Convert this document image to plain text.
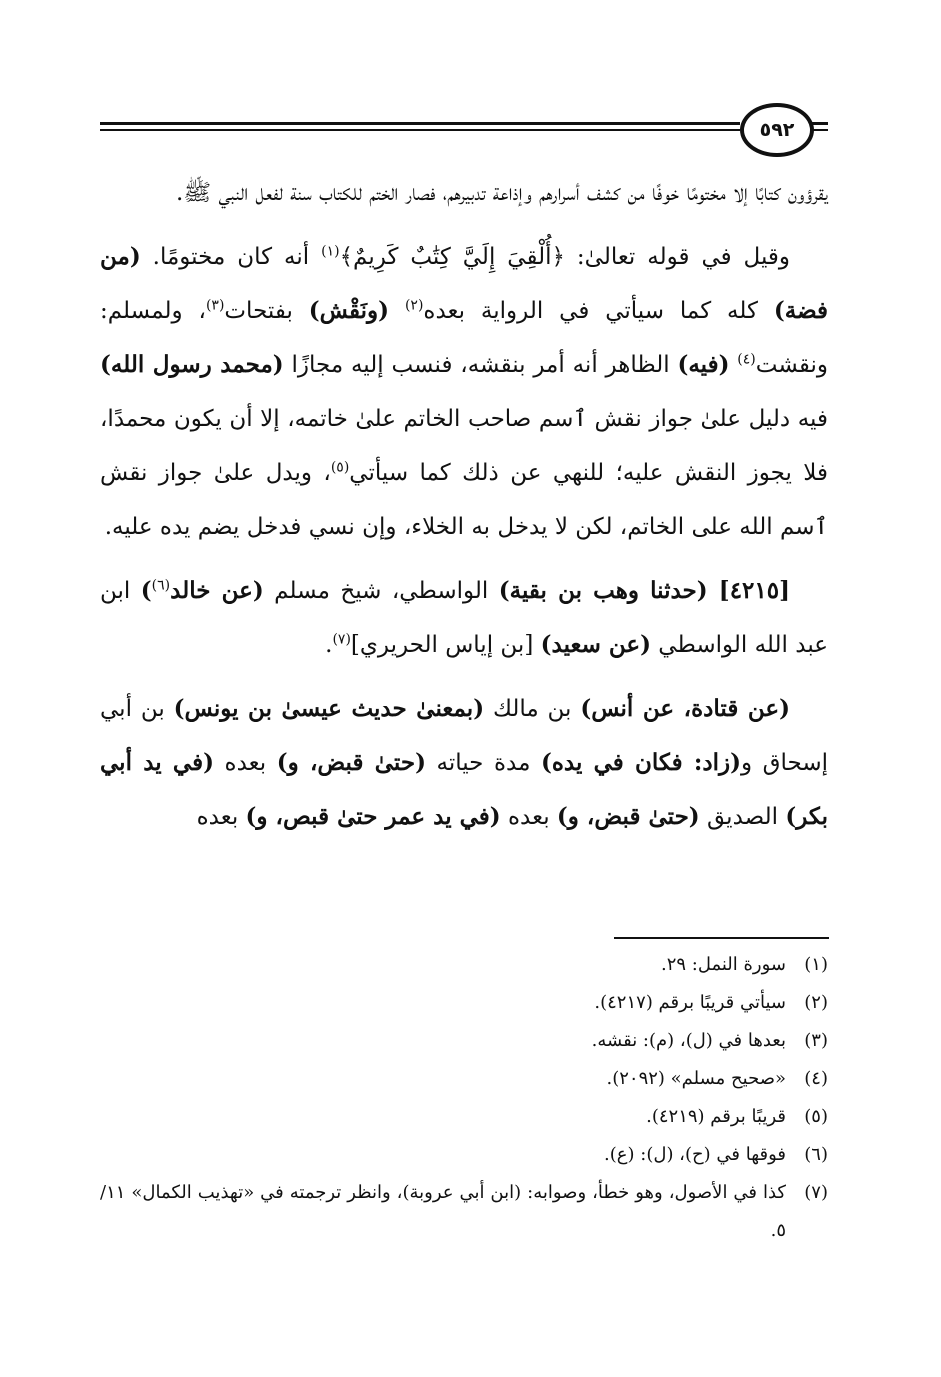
٥٩٢

يقرؤون كتابًا إلا مختومًا خوفًا من كشف أسرارهم وإذاعة تدبيرهم، فصار الختم للكتاب سنة لفعل النبي ﷺ.

وقيل في قوله تعالىٰ: ﴿أُلْقِيَ إِلَيَّ كِتَٰبٌ كَرِيمٌ﴾$^{(١)}$ أنه كان مختومًا. (من فضة) كله كما سيأتي في الرواية بعده$^{(٢)}$ (ونَقْش) بفتحات$^{(٣)}$، ولمسلم: ونقشت$^{(٤)}$ (فيه) الظاهر أنه أمر بنقشه، فنسب إليه مجازًا (محمد رسول الله) فيه دليل علىٰ جواز نقش ٱسم صاحب الخاتم علىٰ خاتمه، إلا أن يكون محمدًا، فلا يجوز النقش عليه؛ للنهي عن ذلك كما سيأتي$^{(٥)}$، ويدل علىٰ جواز نقش ٱسم الله على الخاتم، لكن لا يدخل به الخلاء، وإن نسي فدخل يضم يده عليه.

[٤٢١٥] (حدثنا وهب بن بقية) الواسطي، شيخ مسلم (عن خالد$^{(٦)}$) ابن عبد الله الواسطي (عن سعيد) [بن إياس الحريري]$^{(٧)}$.

(عن قتادة، عن أنس) بن مالك (بمعنىٰ حديث عيسىٰ بن يونس) بن أبي إسحاق و(زاد: فكان في يده) مدة حياته (حتىٰ قبض، و) بعده (في يد أبي بكر) الصديق (حتىٰ قبض، و) بعده (في يد عمر حتىٰ قبص، و) بعده

(١)
سورة النمل: ٢٩.
(٢)
سيأتي قريبًا برقم (٤٢١٧).
(٣)
بعدها في (ل)، (م): نقشه.
(٤)
«صحيح مسلم» (٢٠٩٢).
(٥)
قريبًا برقم (٤٢١٩).
(٦)
فوقها في (ح)، (ل): (ع).
(٧)
كذا في الأصول، وهو خطأ، وصوابه: (ابن أبي عروبة)، وانظر ترجمته في «تهذيب الكمال» ١١/ ٥.
